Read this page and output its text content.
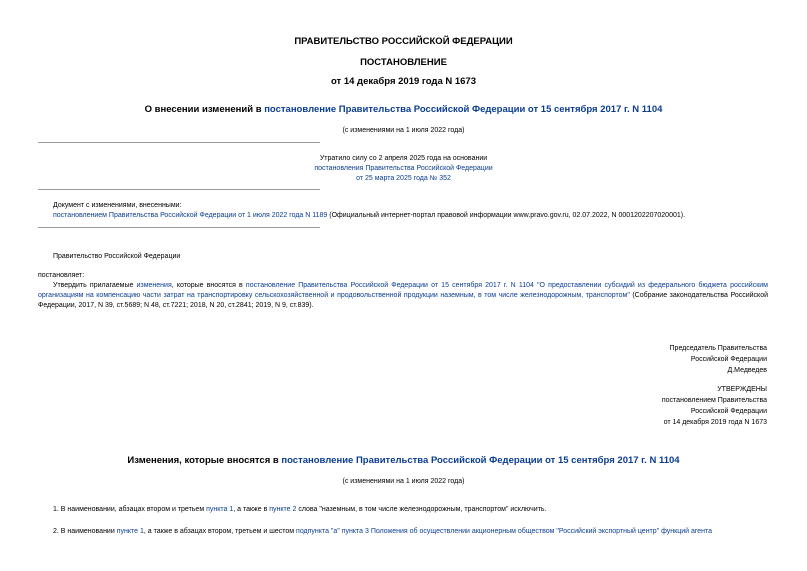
ПРАВИТЕЛЬСТВО РОССИЙСКОЙ ФЕДЕРАЦИИ
ПОСТАНОВЛЕНИЕ
от 14 декабря 2019 года N 1673
О внесении изменений в постановление Правительства Российской Федерации от 15 сентября 2017 г. N 1104
(с изменениями на 1 июля 2022 года)
Утратило силу со 2 апреля 2025 года на основании
постановления Правительства Российской Федерации
от 25 марта 2025 года № 352
Документ с изменениями, внесенными:
постановлением Правительства Российской Федерации от 1 июля 2022 года N 1189 (Официальный интернет-портал правовой информации www.pravo.gov.ru, 02.07.2022, N 0001202207020001).
Правительство Российской Федерации
постановляет:
Утвердить прилагаемые изменения, которые вносятся в постановление Правительства Российской Федерации от 15 сентября 2017 г. N 1104 "О предоставлении субсидий из федерального бюджета российским организациям на компенсацию части затрат на транспортировку сельскохозяйственной и продовольственной продукции наземным, в том числе железнодорожным, транспортом" (Собрание законодательства Российской Федерации, 2017, N 39, ст.5689; N 48, ст.7221; 2018, N 20, ст.2841; 2019, N 9, ст.839).
Председатель Правительства
Российской Федерации
Д.Медведев
УТВЕРЖДЕНЫ
постановлением Правительства
Российской Федерации
от 14 декабря 2019 года N 1673
Изменения, которые вносятся в постановление Правительства Российской Федерации от 15 сентября 2017 г. N 1104
(с изменениями на 1 июля 2022 года)
1. В наименовании, абзацах втором и третьем пункта 1, а также в пункте 2 слова "наземным, в том числе железнодорожным, транспортом" исключить.
2. В наименовании пункте 1, а также в абзацах втором, третьем и шестом подпункта "а" пункта 3 Положения об осуществлении акционерным обществом "Российский экспортный центр" функций агента
